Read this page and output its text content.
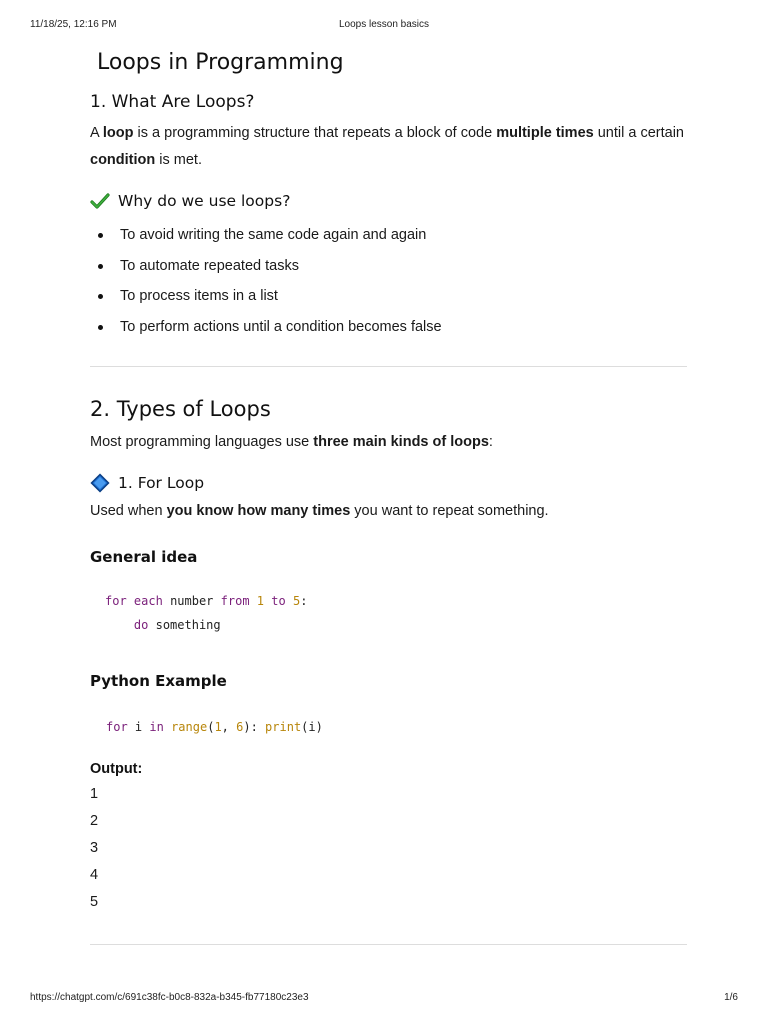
11/18/25, 12:16 PM	Loops lesson basics
Loops in Programming
1. What Are Loops?

A loop is a programming structure that repeats a block of code multiple times until a certain condition is met.

Why do we use loops?
To avoid writing the same code again and again
To automate repeated tasks
To process items in a list
To perform actions until a condition becomes false
2. Types of Loops

Most programming languages use three main kinds of loops:

1. For Loop

Used when you know how many times you want to repeat something.

General idea
for each number from 1 to 5:
do something
Python Example
for i in range(1, 6): print(i)

Output:

1
2
3
4
5
https://chatgpt.com/c/691c38fc-b0c8-832a-b345-fb77180c23e3	1/6
